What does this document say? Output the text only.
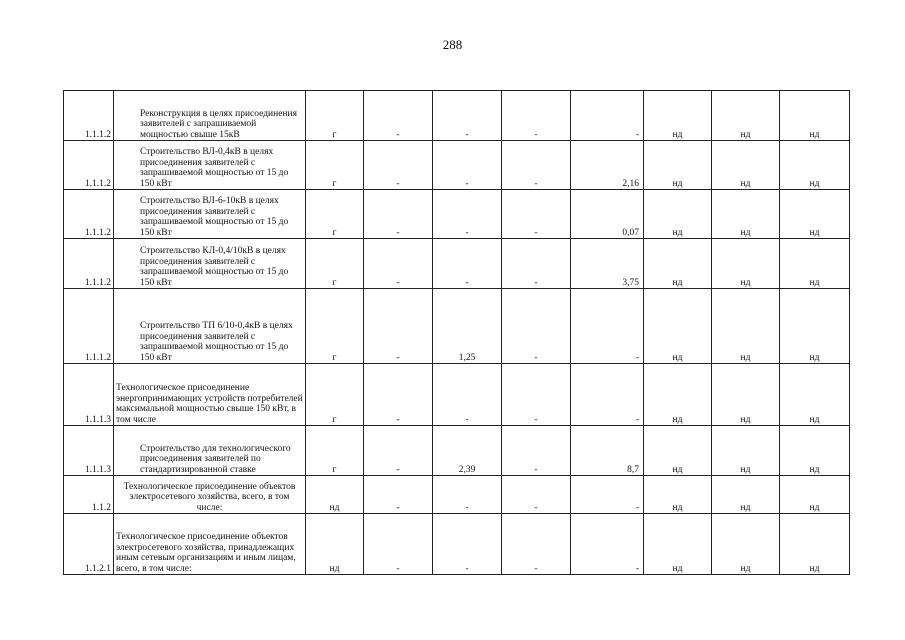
288
1.1.1.2	Реконструкция в целях присоединения заявителей с запрашиваемой мощностью свыше 15кВ	г	-	-	-	-	нд	нд	нд
1.1.1.2	Строительство ВЛ-0,4кВ в целях присоединения заявителей с запрашиваемой мощностью от 15 до 150 кВт	г	-	-	-	2,16	нд	нд	нд
1.1.1.2	Строительство ВЛ-6-10кВ в целях присоединения заявителей с запрашиваемой мощностью от 15 до 150 кВт	г	-	-	-	0,07	нд	нд	нд
1.1.1.2	Строительство КЛ-0,4/10кВ в целях присоединения заявителей с запрашиваемой мощностью от 15 до 150 кВт	г	-	-	-	3,75	нд	нд	нд
1.1.1.2	Строительство ТП 6/10-0,4кВ в целях присоединения заявителей с запрашиваемой мощностью от 15 до 150 кВт	г	-	1,25	-	-	нд	нд	нд
1.1.1.3	Технологическое присоединение энергопринимающих устройств потребителей максимальной мощностью свыше 150 кВт, в том числе	г	-	-	-	-	нд	нд	нд
1.1.1.3	Строительство для технологического присоединения заявителей по стандартизированной ставке	г	-	2,39	-	8,7	нд	нд	нд
1.1.2	Технологическое присоединение объектов электросетевого хозяйства, всего, в том числе:	нд	-	-	-	-	нд	нд	нд
1.1.2.1	Технологическое присоединение объектов электросетевого хозяйства, принадлежащих иным сетевым организациям и иным лицам, всего, в том числе:	нд	-	-	-	-	нд	нд	нд
